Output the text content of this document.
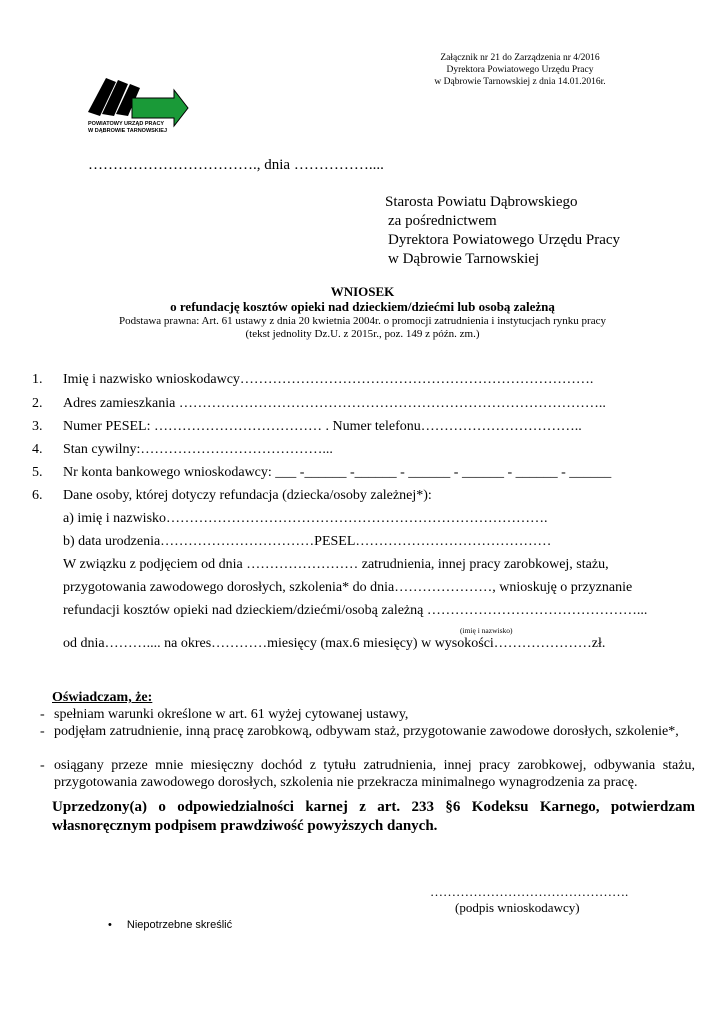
Załącznik nr 21 do Zarządzenia nr 4/2016
Dyrektora Powiatowego Urzędu Pracy
w Dąbrowie Tarnowskiej z dnia 14.01.2016r.
POWIATOWY URZĄD PRACY
W DĄBROWIE TARNOWSKIEJ
……………………………., dnia ……………....
Starosta Powiatu Dąbrowskiego
za pośrednictwem
Dyrektora Powiatowego Urzędu Pracy
w Dąbrowie Tarnowskiej
WNIOSEK
o refundację kosztów opieki nad dzieckiem/dziećmi lub osobą zależną
Podstawa prawna: Art. 61 ustawy z dnia 20 kwietnia 2004r. o promocji zatrudnienia i instytucjach rynku pracy
(tekst jednolity Dz.U. z 2015r., poz. 149 z późn. zm.)
1. Imię i nazwisko wnioskodawcy………………………………………………………………….
2. Adres zamieszkania ………………………………………………………………………………..
3. Numer PESEL: ……………………………… . Numer telefonu……………………………..
4. Stan cywilny:…………………………………...
5. Nr konta bankowego wnioskodawcy: ___ -______ -______ - ______ - ______ - ______ - ______
6. Dane osoby, której dotyczy refundacja (dziecka/osoby zależnej*):
a) imię i nazwisko……………………………………………………………………….
b) data urodzenia……………………………PESEL……………………………………
W związku z podjęciem od dnia …………………… zatrudnienia, innej pracy zarobkowej, stażu,
przygotowania zawodowego dorosłych, szkolenia* do dnia…………………, wnioskuję o przyznanie
refundacji kosztów opieki nad dzieckiem/dziećmi/osobą zależną ………………………………………...
(imię i nazwisko)
od dnia……….... na okres…………miesięcy (max.6 miesięcy) w wysokości…………………zł.
Oświadczam, że:
- spełniam warunki określone w art. 61 wyżej cytowanej ustawy,
- podjęłam zatrudnienie, inną pracę zarobkową, odbywam staż, przygotowanie zawodowe dorosłych, szkolenie*,
- osiągany przeze mnie miesięczny dochód z tytułu zatrudnienia, innej pracy zarobkowej, odbywania stażu, przygotowania zawodowego dorosłych, szkolenia nie przekracza minimalnego wynagrodzenia za pracę.
Uprzedzony(a) o odpowiedzialności karnej z art. 233 §6 Kodeksu Karnego, potwierdzam własnoręcznym podpisem prawdziwość powyższych danych.
……………………………………….
(podpis wnioskodawcy)
• Niepotrzebne skreślić
